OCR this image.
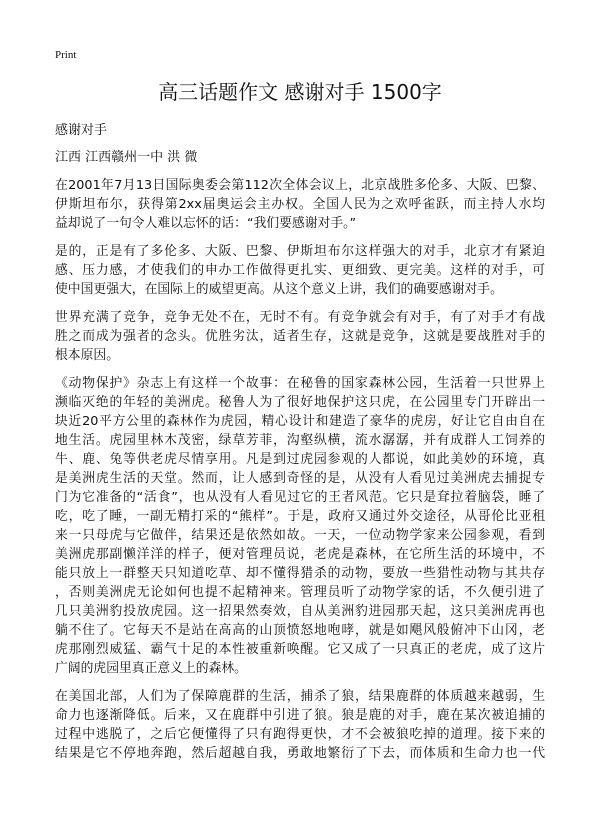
Print
高三话题作文 感谢对手 1500字
感谢对手
江西 江西赣州一中 洪 微
在2001年7月13日国际奥委会第112次全体会议上，北京战胜多伦多、大阪、巴黎、
伊斯坦布尔，获得第2xx届奥运会主办权。全国人民为之欢呼雀跃，而主持人水均
益却说了一句令人难以忘怀的话：“我们要感谢对手。”
是的，正是有了多伦多、大阪、巴黎、伊斯坦布尔这样强大的对手，北京才有紧迫
感、压力感，才使我们的申办工作做得更扎实、更细致、更完美。这样的对手，可
使中国更强大，在国际上的威望更高。从这个意义上讲，我们的确要感谢对手。
世界充满了竞争，竞争无处不在，无时不有。有竞争就会有对手，有了对手才有战
胜之而成为强者的念头。优胜劣汰，适者生存，这就是竞争，这就是要战胜对手的
根本原因。
《动物保护》杂志上有这样一个故事：在秘鲁的国家森林公园，生活着一只世界上
濒临灭绝的年轻的美洲虎。秘鲁人为了很好地保护这只虎，在公园里专门开辟出一
块近20平方公里的森林作为虎园，精心设计和建造了豪华的虎房，好让它自由自在
地生活。虎园里林木茂密，绿草芳菲，沟壑纵横，流水潺潺，并有成群人工饲养的
牛、鹿、兔等供老虎尽情享用。凡是到过虎园参观的人都说，如此美妙的环境，真
是美洲虎生活的天堂。然而，让人感到奇怪的是，从没有人看见过美洲虎去捕捉专
门为它准备的“活食”，也从没有人看见过它的王者风范。它只是耷拉着脑袋，睡了
吃，吃了睡，一副无精打采的“熊样”。于是，政府又通过外交途径，从哥伦比亚租
来一只母虎与它做伴，结果还是依然如故。一天，一位动物学家来公园参观，看到
美洲虎那副懒洋洋的样子，便对管理员说，老虎是森林，在它所生活的环境中，不
能只放上一群整天只知道吃草、却不懂得猎杀的动物，要放一些猎性动物与其共存
，否则美洲虎无论如何也提不起精神来。管理员听了动物学家的话，不久便引进了
几只美洲豹投放虎园。这一招果然奏效，自从美洲豹进园那天起，这只美洲虎再也
躺不住了。它每天不是站在高高的山顶愤怒地咆哮，就是如飓风般俯冲下山冈，老
虎那刚烈威猛、霸气十足的本性被重新唤醒。它又成了一只真正的老虎，成了这片
广阔的虎园里真正意义上的森林。
在美国北部，人们为了保障鹿群的生活，捕杀了狼，结果鹿群的体质越来越弱，生
命力也逐渐降低。后来，又在鹿群中引进了狼。狼是鹿的对手，鹿在某次被追捕的
过程中逃脱了，之后它便懂得了只有跑得更快，才不会被狼吃掉的道理。接下来的
结果是它不停地奔跑，然后超越自我，勇敢地繁衍了下去，而体质和生命力也一代
